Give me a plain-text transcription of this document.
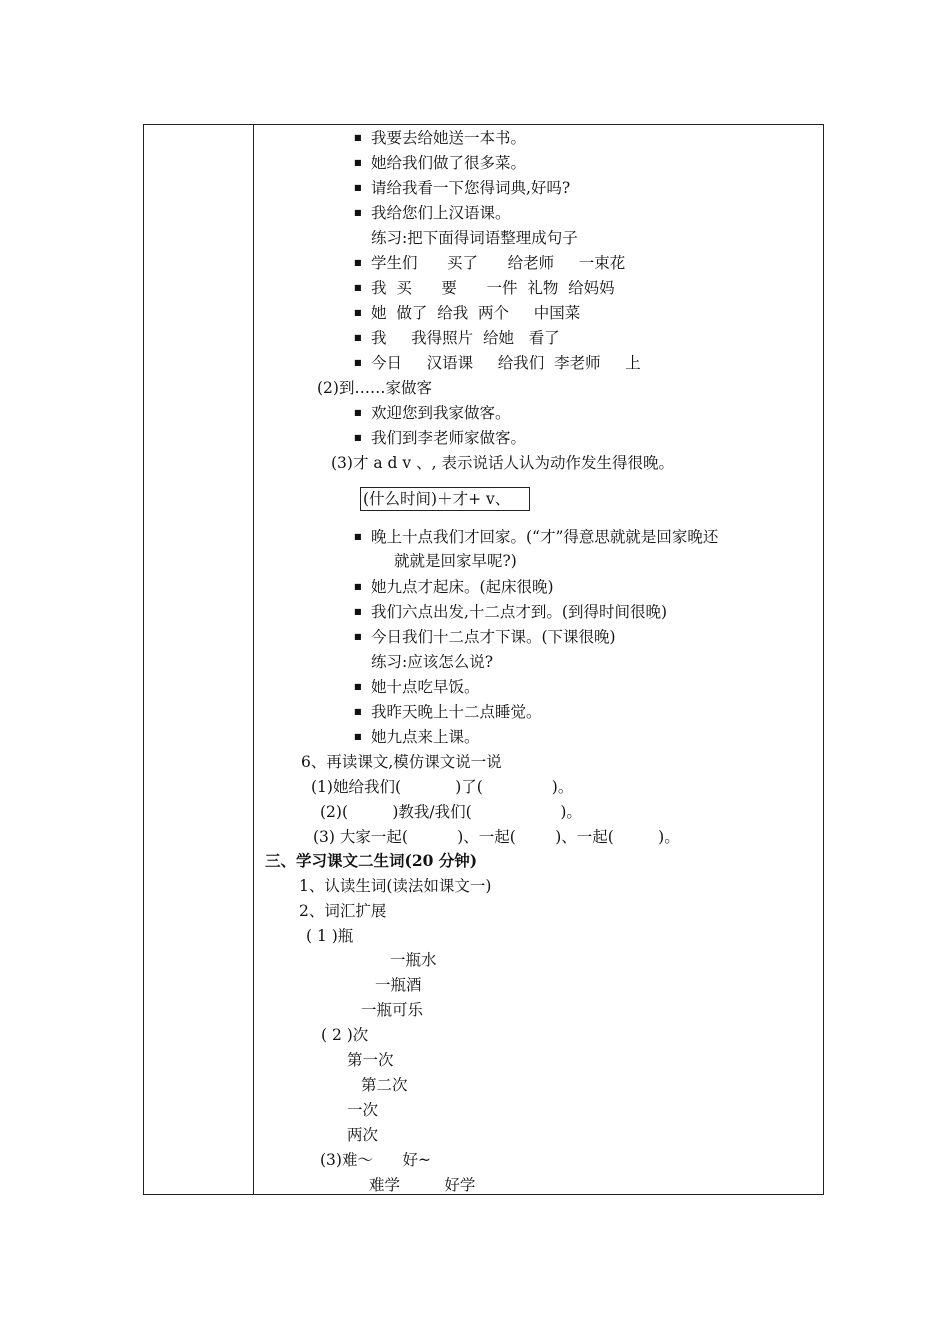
■ 我要去给她送一本书。
■ 她给我们做了很多菜。
■ 请给我看一下您得词典,好吗?
■ 我给您们上汉语课。
练习:把下面得词语整理成句子
■ 学生们      买了      给老师     一束花
■ 我  买      要      一件  礼物  给妈妈
■ 她  做了  给我  两个     中国菜
■ 我     我得照片  给她   看了
■ 今日     汉语课     给我们  李老师     上
(2)到……家做客
■ 欢迎您到我家做客。
■ 我们到李老师家做客。
(3)才 a d v 、, 表示说话人认为动作发生得很晚。
■ 晚上十点我们才回家。(“才”得意思就就是回家晚还
就就是回家早呢?)
■ 她九点才起床。(起床很晚)
■ 我们六点出发,十二点才到。(到得时间很晚)
■ 今日我们十二点才下课。(下课很晚)
练习:应该怎么说?
■ 她十点吃早饭。
■ 我昨天晚上十二点睡觉。
■ 她九点来上课。
6、再读课文,模仿课文说一说
(1)她给我们(           )了(              )。
(2)(         )教我/我们(                  )。
(3) 大家一起(          )、一起(        )、一起(         )。
三、学习课文二生词(20 分钟)
1、认读生词(读法如课文一)
2、词汇扩展
( 1 )瓶
一瓶水
一瓶酒
一瓶可乐
( 2 )次
第一次
第二次
一次
两次
(3)难～      好~
难学         好学
(什么时间)＋才+ v、
